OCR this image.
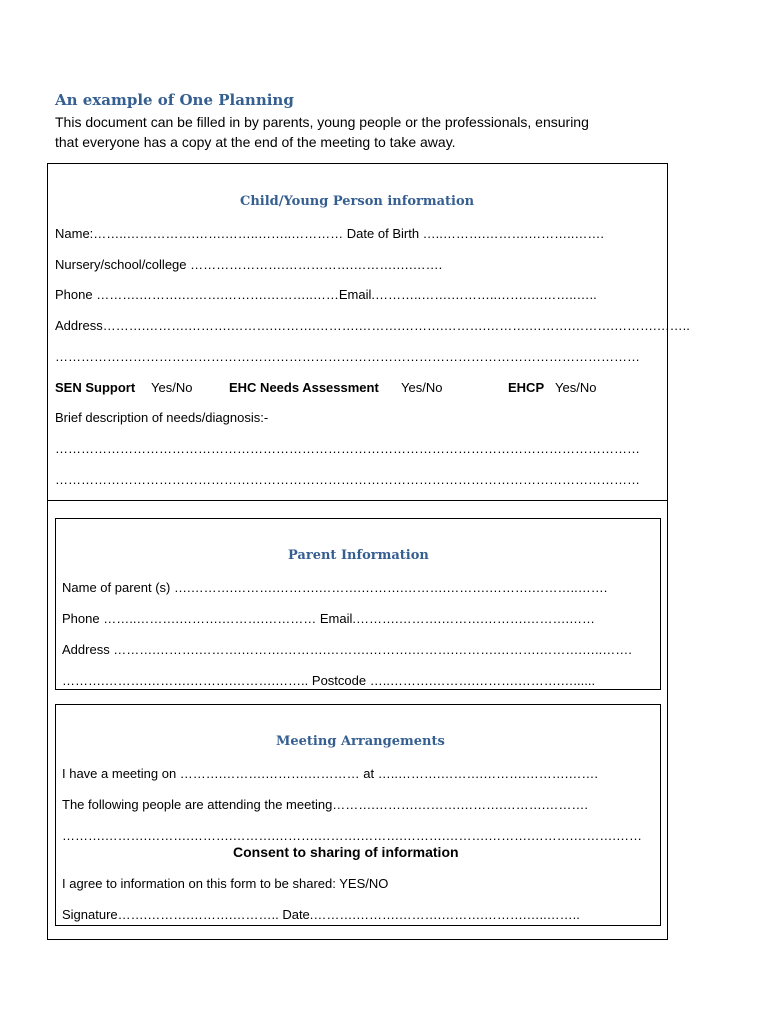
An example of One Planning
This document can be filled in by parents, young people or the professionals, ensuring
that everyone has a copy at the end of the meeting to take away.
Child/Young Person information
Name:……..…………….…….……..……..………… Date of Birth …..……….……….………..…….
Nursery/school/college ………………….…………….……….….…….
Phone ……….……….……….……….………..……Email.………..…….………..…….….……..…..
Address……….……….……….……….……….……….……….……….……….……….……….……….……….……..
………………………………………………………………………………………………………………………
SEN Support Yes/No	EHC Needs Assessment Yes/No	EHCP Yes/No
Brief description of needs/diagnosis:-
………………………………………………………………………………………………………………………
………………………………………………………………………………………………………………………
Parent Information
Name of parent (s) ….……….……….……….……….……….……….……….……….………..…….
Phone ……..……….……….……….………… Email.……….……….……….……….……….……
Address ……….……….……….……….……….……….……….……….……….……….……….…..…….
……….……….……….……….……….…….. Postcode …..……….……….……….……….…......
Meeting Arrangements
I have a meeting on ……….……….……….………… at …..……….……….……….……….…….
The following people are attending the meeting……….……….……….……….……….……….
……….……….……….……….……….……….……….……….……….……….……….……….……….……
Consent to sharing of information
I agree to information on this form to be shared: YES/NO
Signature…….……….……….……….. Date.……….……….……….……….……….…..……..
